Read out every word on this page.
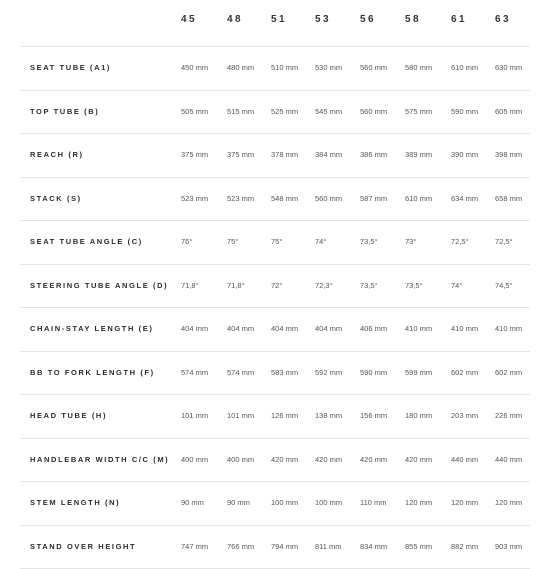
45	48	51	53	56	58	61	63
SEAT TUBE (A1)	450 mm	480 mm 510 mm 530 mm 560 mm 580 mm	610 mm 630 mm
TOP TUBE (B)	505 mm	515 mm 525 mm 545 mm 560 mm 575 mm	590 mm 605 mm
REACH (R)	375 mm	375 mm 378 mm 384 mm 386 mm 389 mm	390 mm 398 mm
STACK (S)	523 mm	523 mm 548 mm 560 mm 587 mm 610 mm	634 mm 658 mm
SEAT TUBE ANGLE (C)	76°	75°	75°	74°	73,5°	73°	72,5°	72,5°
STEERING TUBE ANGLE (D) 71,8°	71,8°	72°	72,3°	73,5°	73,5°	74°	74,5°
CHAIN-STAY LENGTH (E)	404 mm	404 mm 404 mm 404 mm 406 mm 410 mm	410 mm 410 mm
BB TO FORK LENGTH (F)	574 mm	574 mm 583 mm 592 mm 590 mm 599 mm	602 mm 602 mm
HEAD TUBE (H)	101 mm	101 mm 126 mm 138 mm 156 mm 180 mm	203 mm 226 mm
HANDLEBAR WIDTH C/C (M) 400 mm	400 mm 420 mm 420 mm 420 mm 420 mm	440 mm 440 mm
STEM LENGTH (N)	90 mm	90 mm	100 mm 100 mm 110 mm 120 mm	120 mm 120 mm
STAND OVER HEIGHT	747 mm	766 mm 794 mm 811 mm 834 mm 855 mm	882 mm 903 mm
